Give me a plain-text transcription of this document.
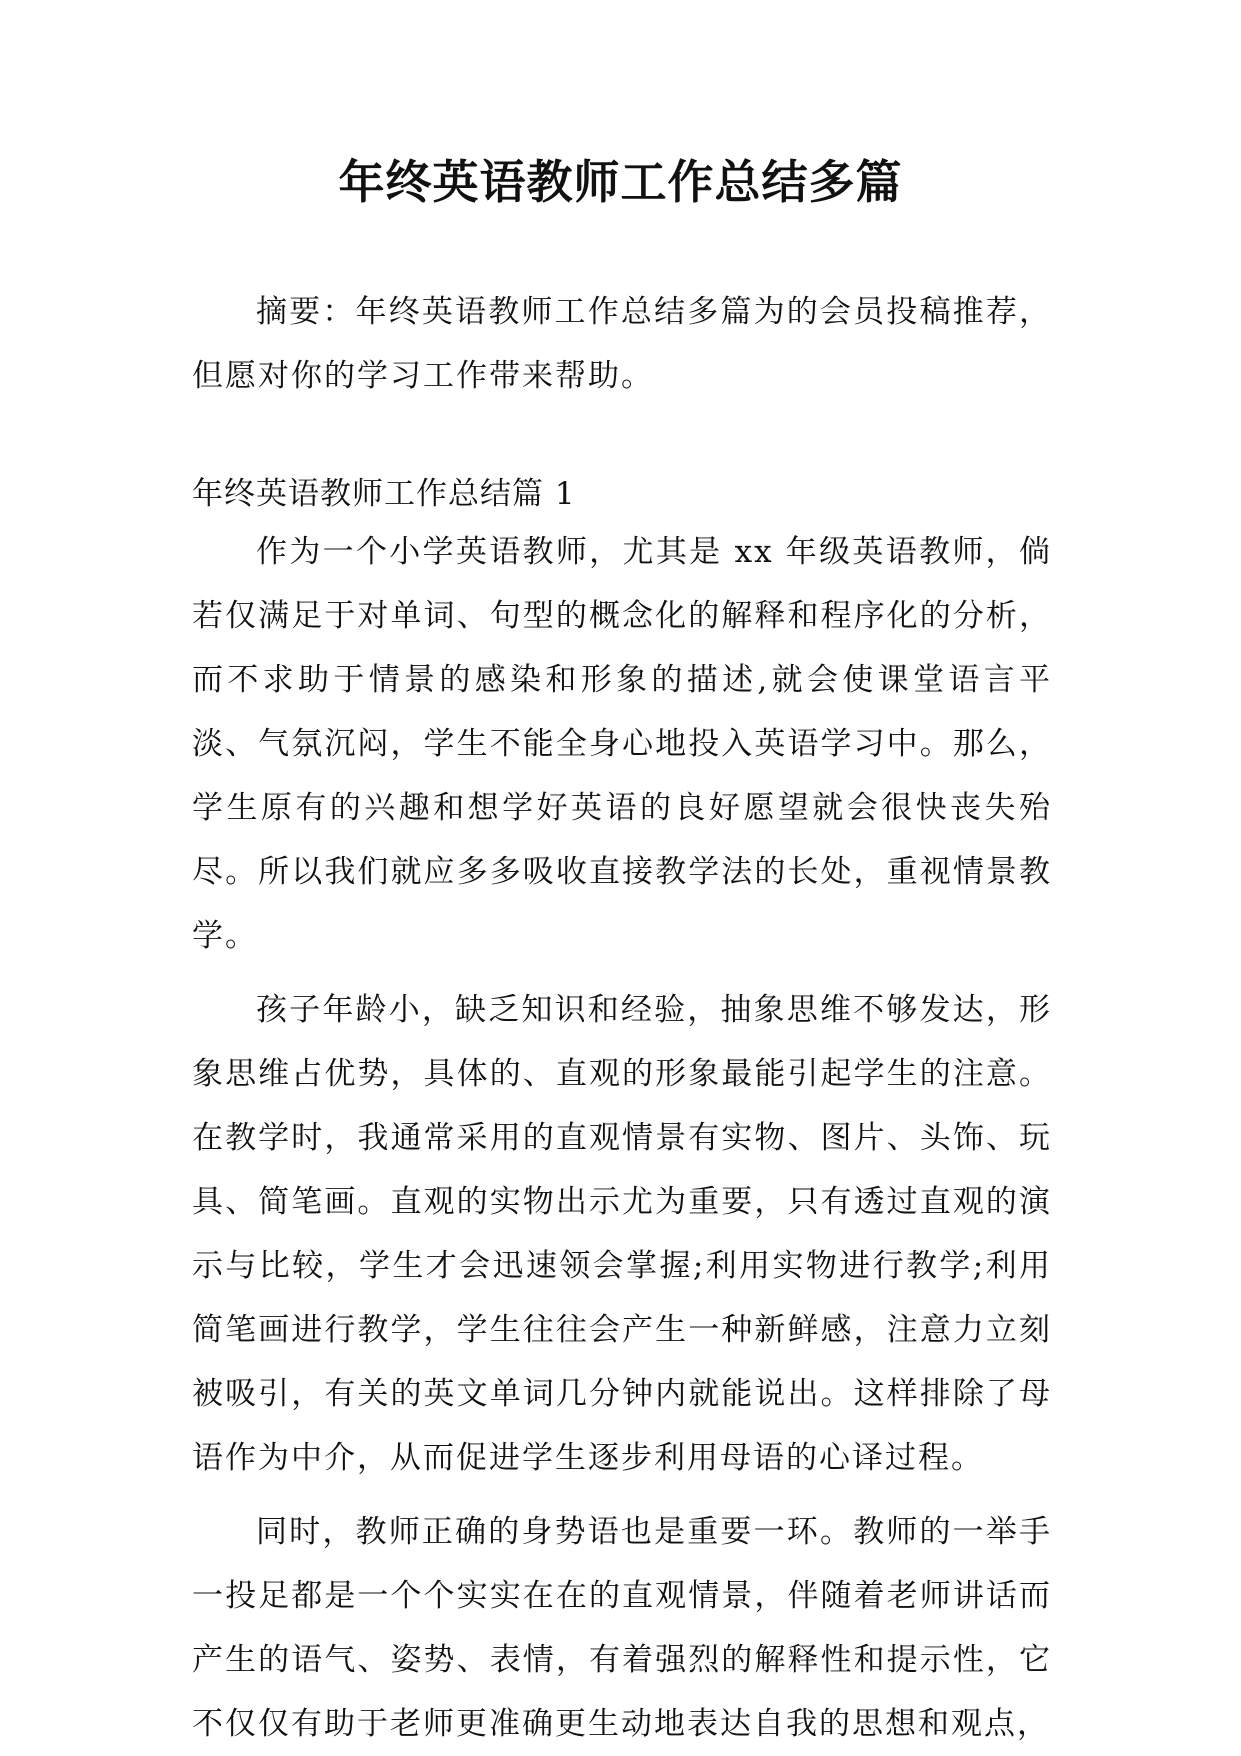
年终英语教师工作总结多篇

摘要：年终英语教师工作总结多篇为的会员投稿推荐，但愿对你的学习工作带来帮助。

年终英语教师工作总结篇 1

作为一个小学英语教师，尤其是 xx 年级英语教师，倘若仅满足于对单词、句型的概念化的解释和程序化的分析，而不求助于情景的感染和形象的描述,就会使课堂语言平淡、气氛沉闷，学生不能全身心地投入英语学习中。那么，学生原有的兴趣和想学好英语的良好愿望就会很快丧失殆尽。所以我们就应多多吸收直接教学法的长处，重视情景教学。

孩子年龄小，缺乏知识和经验，抽象思维不够发达，形象思维占优势，具体的、直观的形象最能引起学生的注意。在教学时，我通常采用的直观情景有实物、图片、头饰、玩具、简笔画。直观的实物出示尤为重要，只有透过直观的演示与比较，学生才会迅速领会掌握;利用实物进行教学;利用简笔画进行教学，学生往往会产生一种新鲜感，注意力立刻被吸引，有关的英文单词几分钟内就能说出。这样排除了母语作为中介，从而促进学生逐步利用母语的心译过程。

同时，教师正确的身势语也是重要一环。教师的一举手一投足都是一个个实实在在的直观情景，伴随着老师讲话而产生的语气、姿势、表情，有着强烈的解释性和提示性，它不仅仅有助于老师更准确更生动地表达自我的思想和观点，
